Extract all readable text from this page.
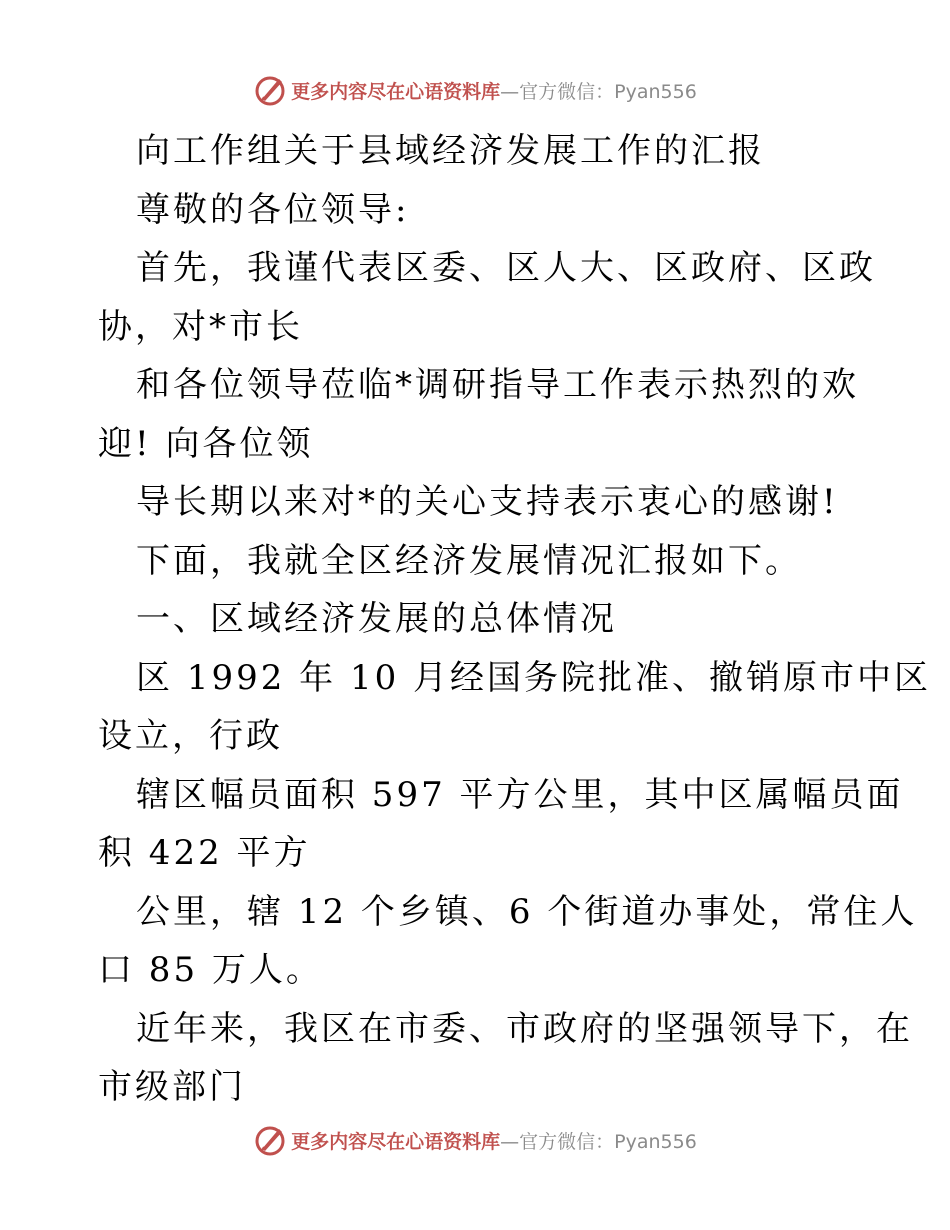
更多内容尽在心语资料库 —官方微信：Pyan556
向工作组关于县域经济发展工作的汇报
尊敬的各位领导:
首先，我谨代表区委、区人大、区政府、区政
协，对*市长
和各位领导莅临*调研指导工作表示热烈的欢
迎! 向各位领
导长期以来对*的关心支持表示衷心的感谢!
下面，我就全区经济发展情况汇报如下。
一、区域经济发展的总体情况
区 1992 年 10 月经国务院批准、撤销原市中区
设立，行政
辖区幅员面积 597 平方公里，其中区属幅员面
积 422 平方
公里，辖 12 个乡镇、6 个街道办事处，常住人
口 85 万人。
近年来，我区在市委、市政府的坚强领导下，在
市级部门
更多内容尽在心语资料库 —官方微信：Pyan556
